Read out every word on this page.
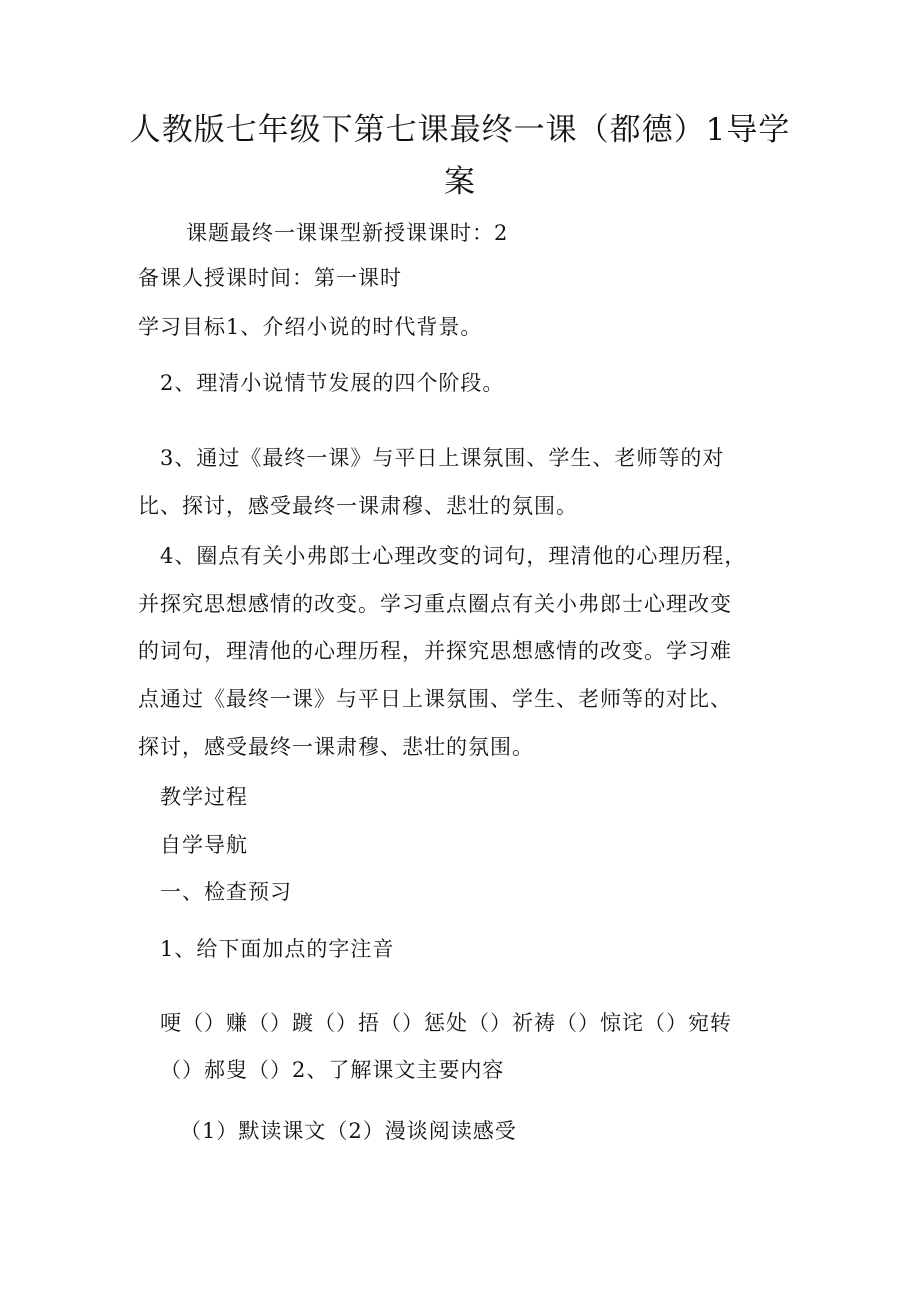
人教版七年级下第七课最终一课（都德）1导学
案
课题最终一课课型新授课课时：2
备课人授课时间：第一课时
学习目标1、介绍小说的时代背景。
2、理清小说情节发展的四个阶段。
3、通过《最终一课》与平日上课氛围、学生、老师等的对
比、探讨，感受最终一课肃穆、悲壮的氛围。
4、圈点有关小弗郎士心理改变的词句，理清他的心理历程，
并探究思想感情的改变。学习重点圈点有关小弗郎士心理改变
的词句，理清他的心理历程，并探究思想感情的改变。学习难
点通过《最终一课》与平日上课氛围、学生、老师等的对比、
探讨，感受最终一课肃穆、悲壮的氛围。
教学过程
自学导航
一、检查预习
1、给下面加点的字注音
哽（）赚（）踱（）捂（）惩处（）祈祷（）惊诧（）宛转
（）郝叟（）2、了解课文主要内容
（1）默读课文（2）漫谈阅读感受
